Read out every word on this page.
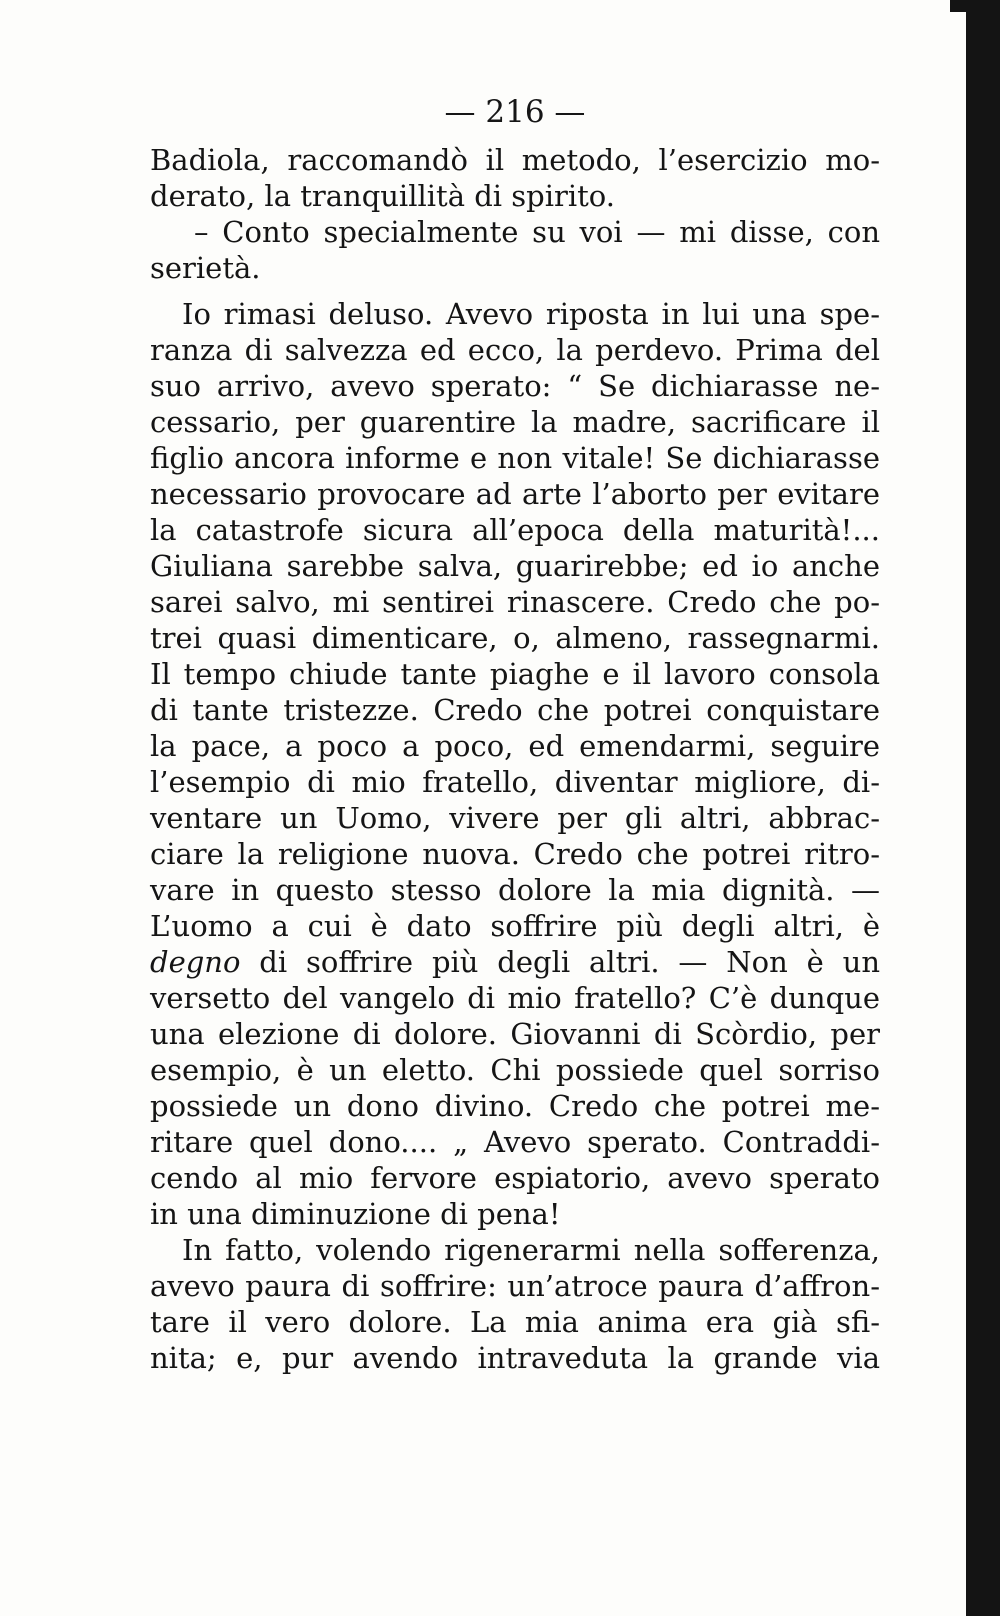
— 216 —

Badiola, raccomandò il metodo, l’esercizio mo-
derato, la tranquillità di spirito.
– Conto specialmente su voi — mi disse, con
serietà.
Io rimasi deluso. Avevo riposta in lui una spe-
ranza di salvezza ed ecco, la perdevo. Prima del
suo arrivo, avevo sperato: “ Se dichiarasse ne-
cessario, per guarentire la madre, sacrificare il
figlio ancora informe e non vitale! Se dichiarasse
necessario provocare ad arte l’aborto per evitare
la catastrofe sicura all’epoca della maturità!...
Giuliana sarebbe salva, guarirebbe; ed io anche
sarei salvo, mi sentirei rinascere. Credo che po-
trei quasi dimenticare, o, almeno, rassegnarmi.
Il tempo chiude tante piaghe e il lavoro consola
di tante tristezze. Credo che potrei conquistare
la pace, a poco a poco, ed emendarmi, seguire
l’esempio di mio fratello, diventar migliore, di-
ventare un Uomo, vivere per gli altri, abbrac-
ciare la religione nuova. Credo che potrei ritro-
vare in questo stesso dolore la mia dignità. —
L’uomo a cui è dato soffrire più degli altri, è
degno di soffrire più degli altri. — Non è un
versetto del vangelo di mio fratello? C’è dunque
una elezione di dolore. Giovanni di Scòrdio, per
esempio, è un eletto. Chi possiede quel sorriso
possiede un dono divino. Credo che potrei me-
ritare quel dono.... „ Avevo sperato. Contraddi-
cendo al mio fervore espiatorio, avevo sperato
in una diminuzione di pena!
In fatto, volendo rigenerarmi nella sofferenza,
avevo paura di soffrire: un’atroce paura d’affron-
tare il vero dolore. La mia anima era già sfi-
nita; e, pur avendo intraveduta la grande via
